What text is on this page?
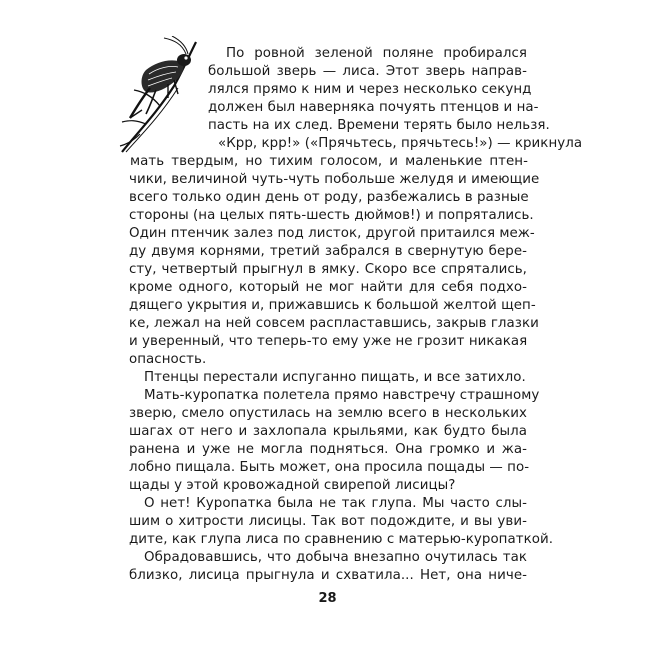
По ровной зеленой поляне пробирался
большой зверь — лиса. Этот зверь направ-
лялся прямо к ним и через несколько секунд
должен был наверняка почуять птенцов и на-
пасть на их след. Времени терять было нельзя.
«Крр, крр!» («Прячьтесь, прячьтесь!») — крикнула
мать твердым, но тихим голосом, и маленькие птен-
чики, величиной чуть-чуть побольше желудя и имеющие
всего только один день от роду, разбежались в разные
стороны (на целых пять-шесть дюймов!) и попрятались.
Один птенчик залез под листок, другой притаился меж-
ду двумя корнями, третий забрался в свернутую бере-
сту, четвертый прыгнул в ямку. Скоро все спрятались,
кроме одного, который не мог найти для себя подхо-
дящего укрытия и, прижавшись к большой желтой щеп-
ке, лежал на ней совсем распластавшись, закрыв глазки
и уверенный, что теперь-то ему уже не грозит никакая
опасность.
Птенцы перестали испуганно пищать, и все затихло.
Мать-куропатка полетела прямо навстречу страшному
зверю, смело опустилась на землю всего в нескольких
шагах от него и захлопала крыльями, как будто была
ранена и уже не могла подняться. Она громко и жа-
лобно пищала. Быть может, она просила пощады — по-
щады у этой кровожадной свирепой лисицы?
О нет! Куропатка была не так глупа. Мы часто слы-
шим о хитрости лисицы. Так вот подождите, и вы уви-
дите, как глупа лиса по сравнению с матерью-куропаткой.
Обрадовавшись, что добыча внезапно очутилась так
близко, лисица прыгнула и схватила... Нет, она ниче-
28
